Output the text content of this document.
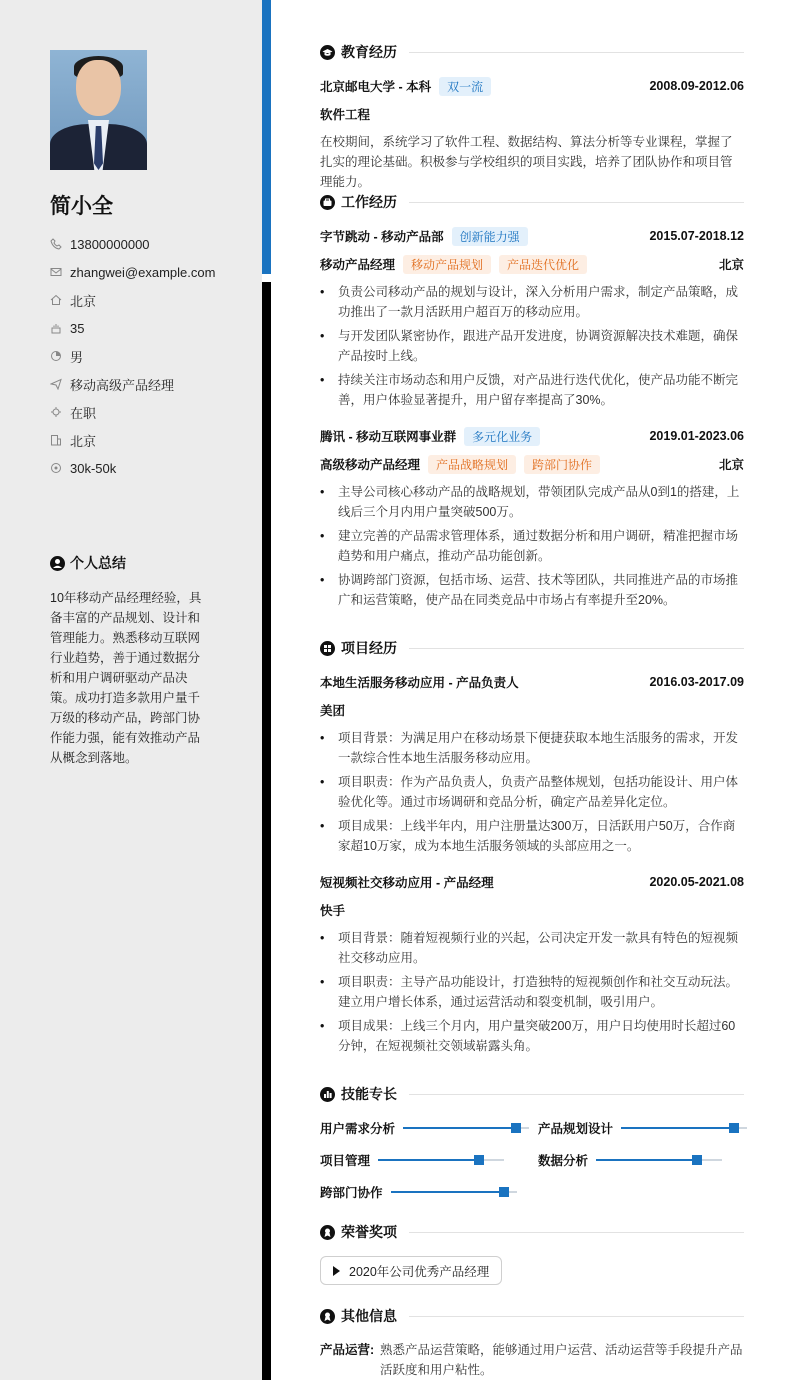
简小全
13800000000
zhangwei@example.com
北京
35
男
移动高级产品经理
在职
北京
30k-50k
个人总结
10年移动产品经理经验，具备丰富的产品规划、设计和管理能力。熟悉移动互联网行业趋势，善于通过数据分析和用户调研驱动产品决策。成功打造多款用户量千万级的移动产品，跨部门协作能力强，能有效推动产品从概念到落地。
教育经历
北京邮电大学 - 本科	双一流	2008.09-2012.06
软件工程
在校期间，系统学习了软件工程、数据结构、算法分析等专业课程，掌握了扎实的理论基础。积极参与学校组织的项目实践，培养了团队协作和项目管理能力。
工作经历
字节跳动 - 移动产品部	创新能力强	2015.07-2018.12
移动产品经理	移动产品规划	产品迭代优化	北京
• 负责公司移动产品的规划与设计，深入分析用户需求，制定产品策略，成功推出了一款月活跃用户超百万的移动应用。
• 与开发团队紧密协作，跟进产品开发进度，协调资源解决技术难题，确保产品按时上线。
• 持续关注市场动态和用户反馈，对产品进行迭代优化，使产品功能不断完善，用户体验显著提升，用户留存率提高了30%。
腾讯 - 移动互联网事业群	多元化业务	2019.01-2023.06
高级移动产品经理	产品战略规划	跨部门协作	北京
• 主导公司核心移动产品的战略规划，带领团队完成产品从0到1的搭建，上线后三个月内用户量突破500万。
• 建立完善的产品需求管理体系，通过数据分析和用户调研，精准把握市场趋势和用户痛点，推动产品功能创新。
• 协调跨部门资源，包括市场、运营、技术等团队，共同推进产品的市场推广和运营策略，使产品在同类竞品中市场占有率提升至20%。
项目经历
本地生活服务移动应用 - 产品负责人	2016.03-2017.09
美团
• 项目背景：为满足用户在移动场景下便捷获取本地生活服务的需求，开发一款综合性本地生活服务移动应用。
• 项目职责：作为产品负责人，负责产品整体规划，包括功能设计、用户体验优化等。通过市场调研和竞品分析，确定产品差异化定位。
• 项目成果：上线半年内，用户注册量达300万，日活跃用户50万，合作商家超10万家，成为本地生活服务领域的头部应用之一。
短视频社交移动应用 - 产品经理	2020.05-2021.08
快手
• 项目背景：随着短视频行业的兴起，公司决定开发一款具有特色的短视频社交移动应用。
• 项目职责：主导产品功能设计，打造独特的短视频创作和社交互动玩法。建立用户增长体系，通过运营活动和裂变机制，吸引用户。
• 项目成果：上线三个月内，用户量突破200万，用户日均使用时长超过60分钟，在短视频社交领域崭露头角。
技能专长
用户需求分析	产品规划设计
项目管理	数据分析
跨部门协作
荣誉奖项
2020年公司优秀产品经理
其他信息
产品运营: 熟悉产品运营策略，能够通过用户运营、活动运营等手段提升产品活跃度和用户粘性。
